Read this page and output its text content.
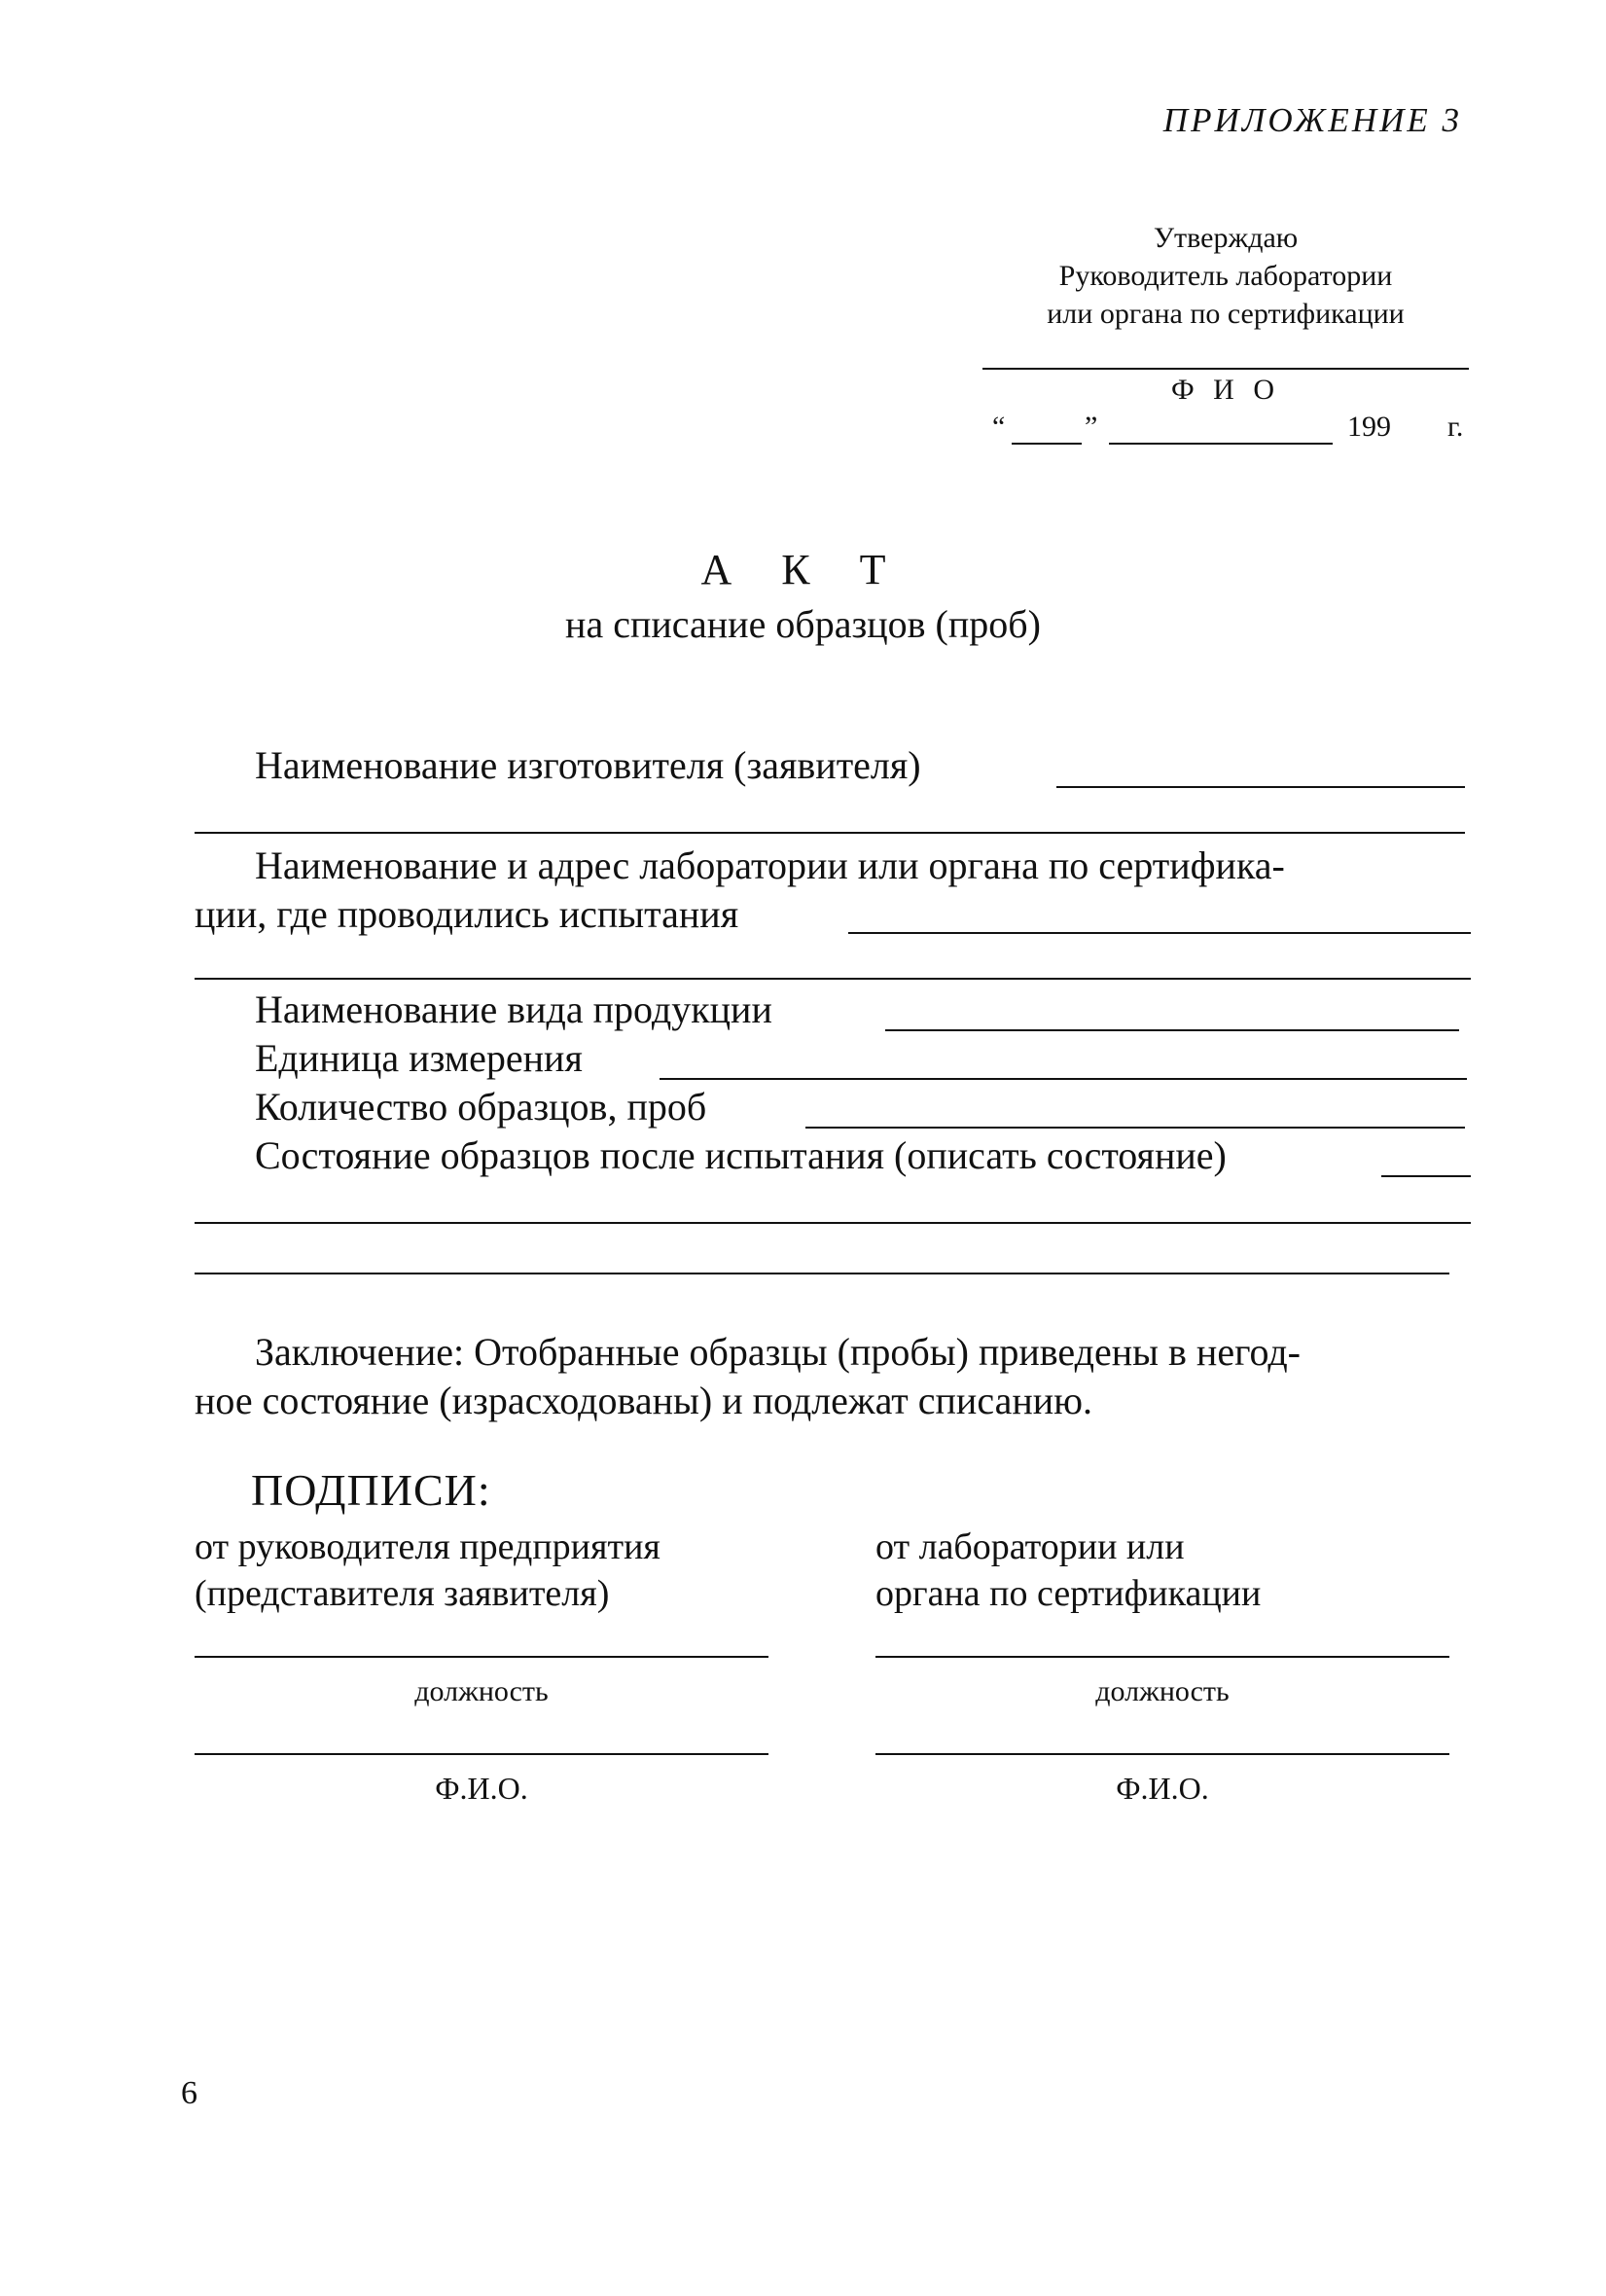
ПРИЛОЖЕНИЕ 3
Утверждаю
Руководитель лаборатории
или органа по сертификации
Ф И О
“	”	199 г.
А К Т
на списание образцов (проб)
Наименование изготовителя (заявителя)
Наименование и адрес лаборатории или органа по сертифика-
ции, где проводились испытания
Наименование вида продукции
Единица измерения
Количество образцов, проб
Состояние образцов после испытания (описать состояние)
Заключение: Отобранные образцы (пробы) приведены в негод-
ное состояние (израсходованы) и подлежат списанию.
ПОДПИСИ:
от руководителя предприятия
(представителя заявителя)
от лаборатории или
органа по сертификации
должность
Ф.И.О.
должность
Ф.И.О.
6
